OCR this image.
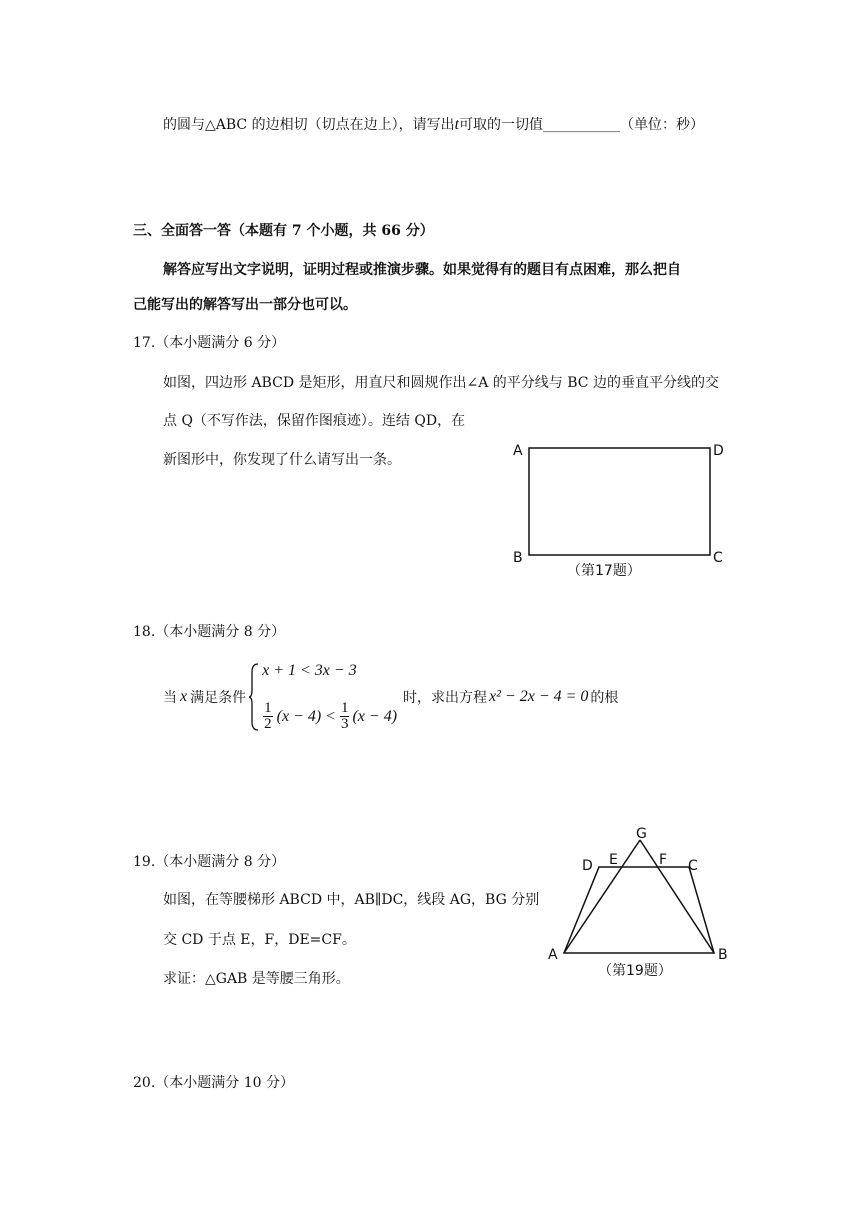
的圆与△ABC 的边相切（切点在边上），请写出t可取的一切值___________（单位：秒）
三、全面答一答（本题有 7 个小题，共 66 分）
解答应写出文字说明，证明过程或推演步骤。如果觉得有的题目有点困难，那么把自
己能写出的解答写出一部分也可以。
17.（本小题满分 6 分）
如图，四边形 ABCD 是矩形，用直尺和圆规作出∠A 的平分线与 BC 边的垂直平分线的交
点 Q（不写作法，保留作图痕迹）。连结 QD，在
新图形中，你发现了什么请写出一条。
A	D
B	C
（第17题）
18.（本小题满分 8 分）
当 x 满足条件
x + 1 < 3x − 3
$\frac{1}{2} (x - 4) < \frac{1}{3} (x - 4)$
时，求出方程 x² − 2x − 4 = 0 的根
19.（本小题满分 8 分）
如图，在等腰梯形 ABCD 中，AB∥DC，线段 AG，BG 分别
交 CD 于点 E，F，DE=CF。
求证：△GAB 是等腰三角形。
G
D E	F C
A	B
（第19题）
20.（本小题满分 10 分）
